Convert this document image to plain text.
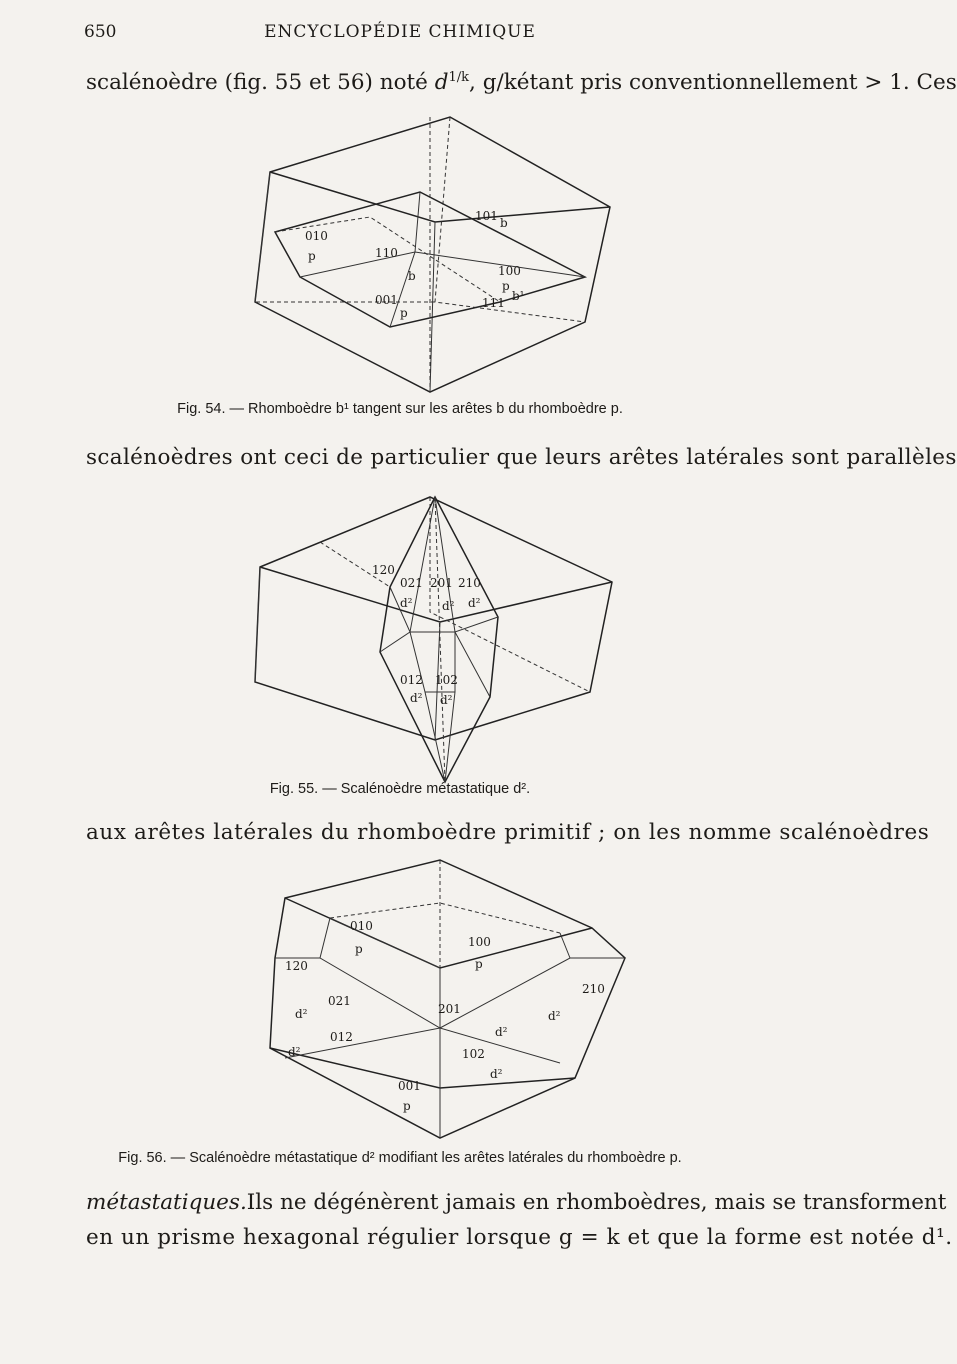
650	ENCYCLOPÉDIE CHIMIQUE
scalénoèdre (fig. 55 et 56) noté $d^{1/k}$, g/k étant pris conventionnellement > 1. Ces
010
p	110
b
101 b
100
p
001
p
111 b¹
Fig. 54. — Rhomboèdre b¹ tangent sur les arêtes b du rhomboèdre p.
scalénoèdres ont ceci de particulier que leurs arêtes latérales sont parallèles
120
021 201 210
d² d² d²
012 102
d² d²
Fig. 55. — Scalénoèdre métastatique d².
aux arêtes latérales du rhomboèdre primitif ; on les nomme scalénoèdres
010
p	100
p
120
210
d²
021
201
d²
d²
012
102
d²
d²
001
p
Fig. 56. — Scalénoèdre métastatique d² modifiant les arêtes latérales du rhomboèdre p.
métastatiques. Ils ne dégénèrent jamais en rhomboèdres, mais se transforment
en un prisme hexagonal régulier lorsque g = k et que la forme est notée d¹.
